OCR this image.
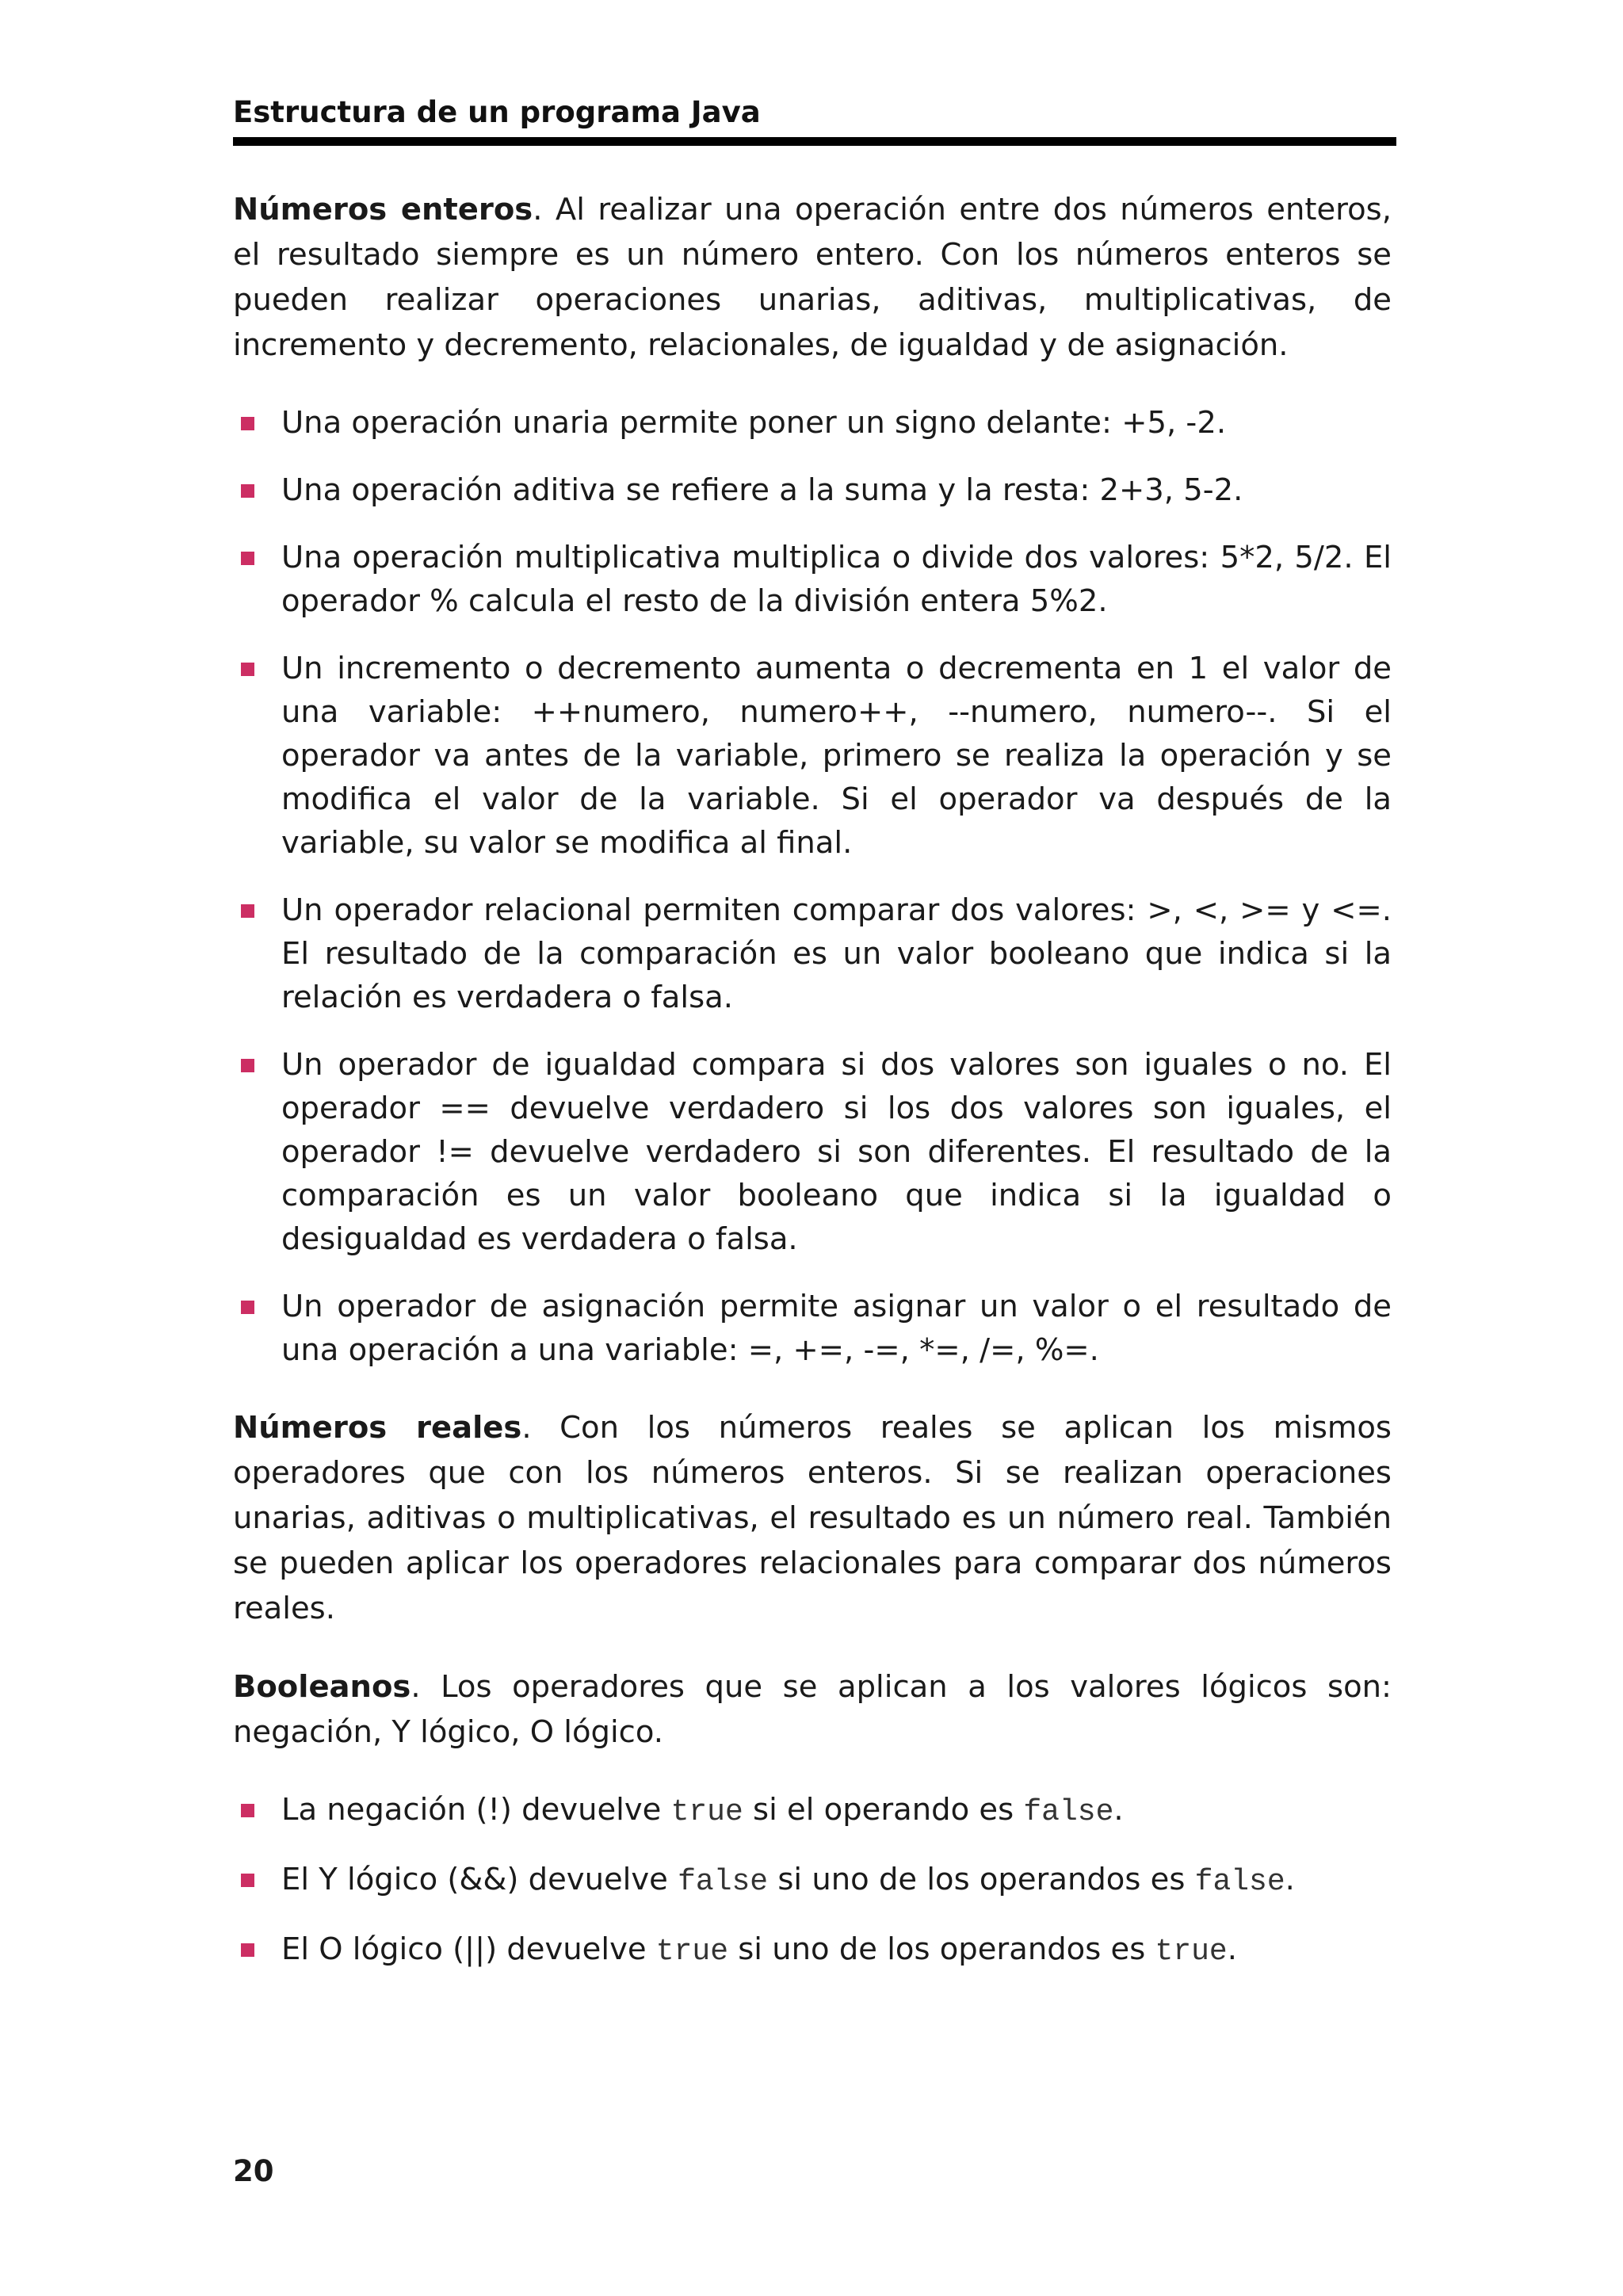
Estructura de un programa Java

Números enteros. Al realizar una operación entre dos números enteros, el resultado siempre es un número entero. Con los números enteros se pueden realizar operaciones unarias, aditivas, multiplicativas, de incremento y decremento, relacionales, de igualdad y de asignación.

Una operación unaria permite poner un signo delante: +5, -2.
Una operación aditiva se refiere a la suma y la resta: 2+3, 5-2.
Una operación multiplicativa multiplica o divide dos valores: 5*2, 5/2. El operador % calcula el resto de la división entera 5%2.
Un incremento o decremento aumenta o decrementa en 1 el valor de una variable: ++numero, numero++, --numero, numero--. Si el operador va antes de la variable, primero se realiza la operación y se modifica el valor de la variable. Si el operador va después de la variable, su valor se modifica al final.
Un operador relacional permiten comparar dos valores: >, <, >= y <=. El resultado de la comparación es un valor booleano que indica si la relación es verdadera o falsa.
Un operador de igualdad compara si dos valores son iguales o no. El operador == devuelve verdadero si los dos valores son iguales, el operador != devuelve verdadero si son diferentes. El resultado de la comparación es un valor booleano que indica si la igualdad o desigualdad es verdadera o falsa.
Un operador de asignación permite asignar un valor o el resultado de una operación a una variable: =, +=, -=, *=, /=, %=.

Números reales. Con los números reales se aplican los mismos operadores que con los números enteros. Si se realizan operaciones unarias, aditivas o multiplicativas, el resultado es un número real. También se pueden aplicar los operadores relacionales para comparar dos números reales.

Booleanos. Los operadores que se aplican a los valores lógicos son: negación, Y lógico, O lógico.

La negación (!) devuelve true si el operando es false.
El Y lógico (&&) devuelve false si uno de los operandos es false.
El O lógico (||) devuelve true si uno de los operandos es true.
20
